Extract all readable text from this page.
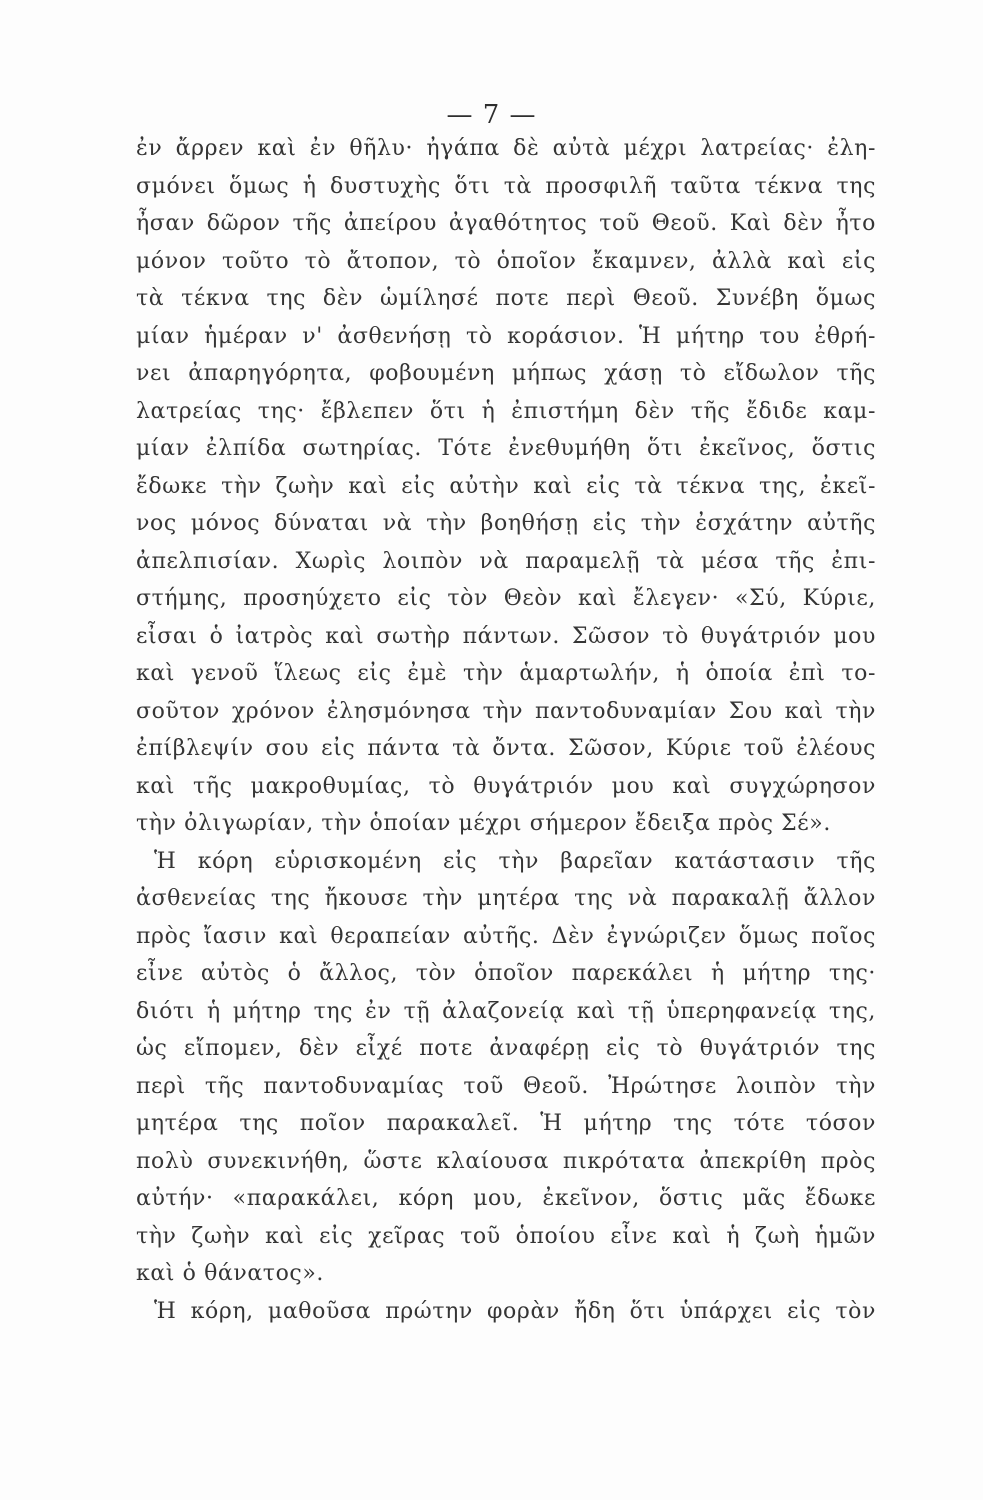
— 7 —
ἐν ἄρρεν καὶ ἐν θῆλυ· ἠγάπα δὲ αὐτὰ μέχρι λατρείας· ἐλη-
σμόνει ὅμως ἡ δυστυχὴς ὅτι τὰ προσφιλῆ ταῦτα τέκνα της
ἦσαν δῶρον τῆς ἀπείρου ἀγαθότητος τοῦ Θεοῦ. Καὶ δὲν ἦτο
μόνον τοῦτο τὸ ἄτοπον, τὸ ὁποῖον ἔκαμνεν, ἀλλὰ καὶ εἰς
τὰ τέκνα της δὲν ὡμίλησέ ποτε περὶ Θεοῦ. Συνέβη ὅμως
μίαν ἡμέραν ν' ἀσθενήσῃ τὸ κοράσιον. Ἡ μήτηρ του ἐθρή-
νει ἀπαρηγόρητα, φοβουμένη μήπως χάσῃ τὸ εἴδωλον τῆς
λατρείας της· ἔβλεπεν ὅτι ἡ ἐπιστήμη δὲν τῆς ἔδιδε καμ-
μίαν ἐλπίδα σωτηρίας. Τότε ἐνεθυμήθη ὅτι ἐκεῖνος, ὅστις
ἔδωκε τὴν ζωὴν καὶ εἰς αὐτὴν καὶ εἰς τὰ τέκνα της, ἐκεῖ-
νος μόνος δύναται νὰ τὴν βοηθήσῃ εἰς τὴν ἐσχάτην αὐτῆς
ἀπελπισίαν. Χωρὶς λοιπὸν νὰ παραμελῇ τὰ μέσα τῆς ἐπι-
στήμης, προσηύχετο εἰς τὸν Θεὸν καὶ ἔλεγεν· «Σύ, Κύριε,
εἶσαι ὁ ἰατρὸς καὶ σωτὴρ πάντων. Σῶσον τὸ θυγάτριόν μου
καὶ γενοῦ ἵλεως εἰς ἐμὲ τὴν ἁμαρτωλήν, ἡ ὁποία ἐπὶ το-
σοῦτον χρόνον ἐλησμόνησα τὴν παντοδυναμίαν Σου καὶ τὴν
ἐπίβλεψίν σου εἰς πάντα τὰ ὄντα. Σῶσον, Κύριε τοῦ ἐλέους
καὶ τῆς μακροθυμίας, τὸ θυγάτριόν μου καὶ συγχώρησον
τὴν ὀλιγωρίαν, τὴν ὁποίαν μέχρι σήμερον ἔδειξα πρὸς Σέ».
Ἡ κόρη εὑρισκομένη εἰς τὴν βαρεῖαν κατάστασιν τῆς
ἀσθενείας της ἤκουσε τὴν μητέρα της νὰ παρακαλῇ ἄλλον
πρὸς ἴασιν καὶ θεραπείαν αὐτῆς. Δὲν ἐγνώριζεν ὅμως ποῖος
εἶνε αὐτὸς ὁ ἄλλος, τὸν ὁποῖον παρεκάλει ἡ μήτηρ της·
διότι ἡ μήτηρ της ἐν τῇ ἀλαζονείᾳ καὶ τῇ ὑπερηφανείᾳ της,
ὡς εἴπομεν, δὲν εἶχέ ποτε ἀναφέρῃ εἰς τὸ θυγάτριόν της
περὶ τῆς παντοδυναμίας τοῦ Θεοῦ. Ἠρώτησε λοιπὸν τὴν
μητέρα της ποῖον παρακαλεῖ. Ἡ μήτηρ της τότε τόσον
πολὺ συνεκινήθη, ὥστε κλαίουσα πικρότατα ἀπεκρίθη πρὸς
αὐτήν· «παρακάλει, κόρη μου, ἐκεῖνον, ὅστις μᾶς ἔδωκε
τὴν ζωὴν καὶ εἰς χεῖρας τοῦ ὁποίου εἶνε καὶ ἡ ζωὴ ἡμῶν
καὶ ὁ θάνατος».
Ἡ κόρη, μαθοῦσα πρώτην φορὰν ἤδη ὅτι ὑπάρχει εἰς τὸν
